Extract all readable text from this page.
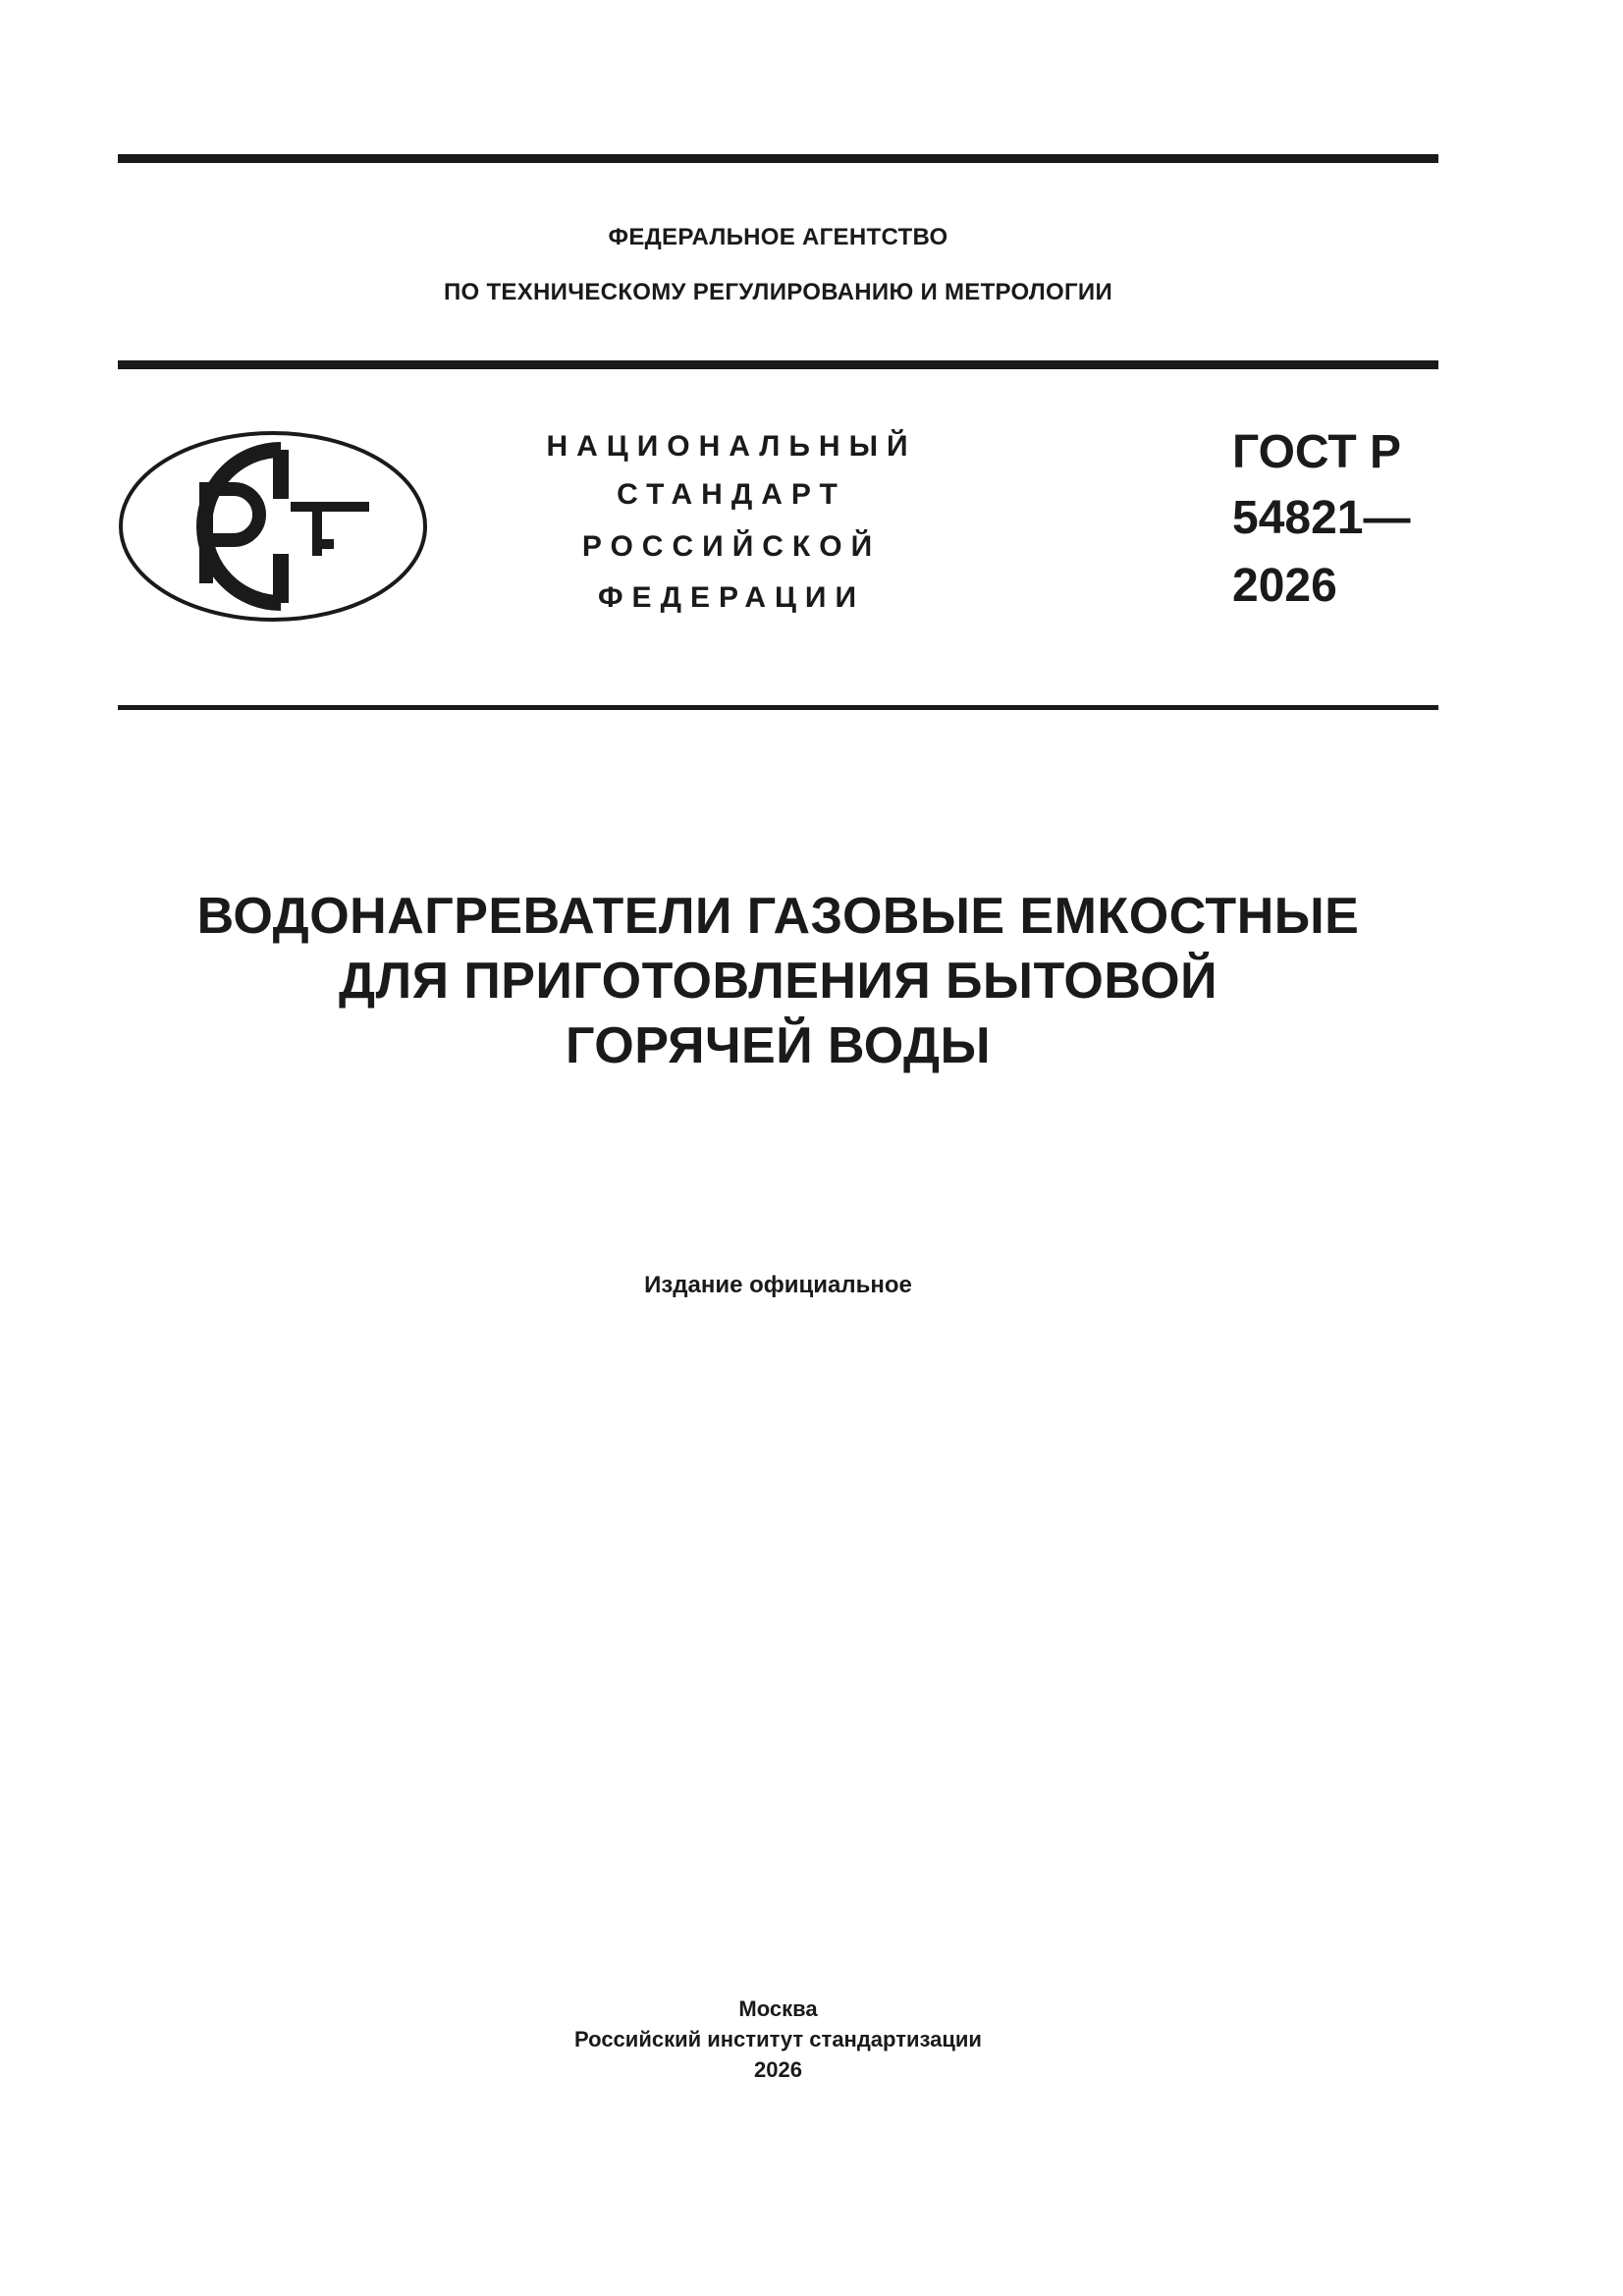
ФЕДЕРАЛЬНОЕ АГЕНТСТВО
ПО ТЕХНИЧЕСКОМУ РЕГУЛИРОВАНИЮ И МЕТРОЛОГИИ
НАЦИОНАЛЬНЫЙ
СТАНДАРТ
РОССИЙСКОЙ
ФЕДЕРАЦИИ
ГОСТ Р
54821—
2026
ВОДОНАГРЕВАТЕЛИ ГАЗОВЫЕ ЕМКОСТНЫЕ
ДЛЯ ПРИГОТОВЛЕНИЯ БЫТОВОЙ
ГОРЯЧЕЙ ВОДЫ
Издание официальное
Москва
Российский институт стандартизации
2026
